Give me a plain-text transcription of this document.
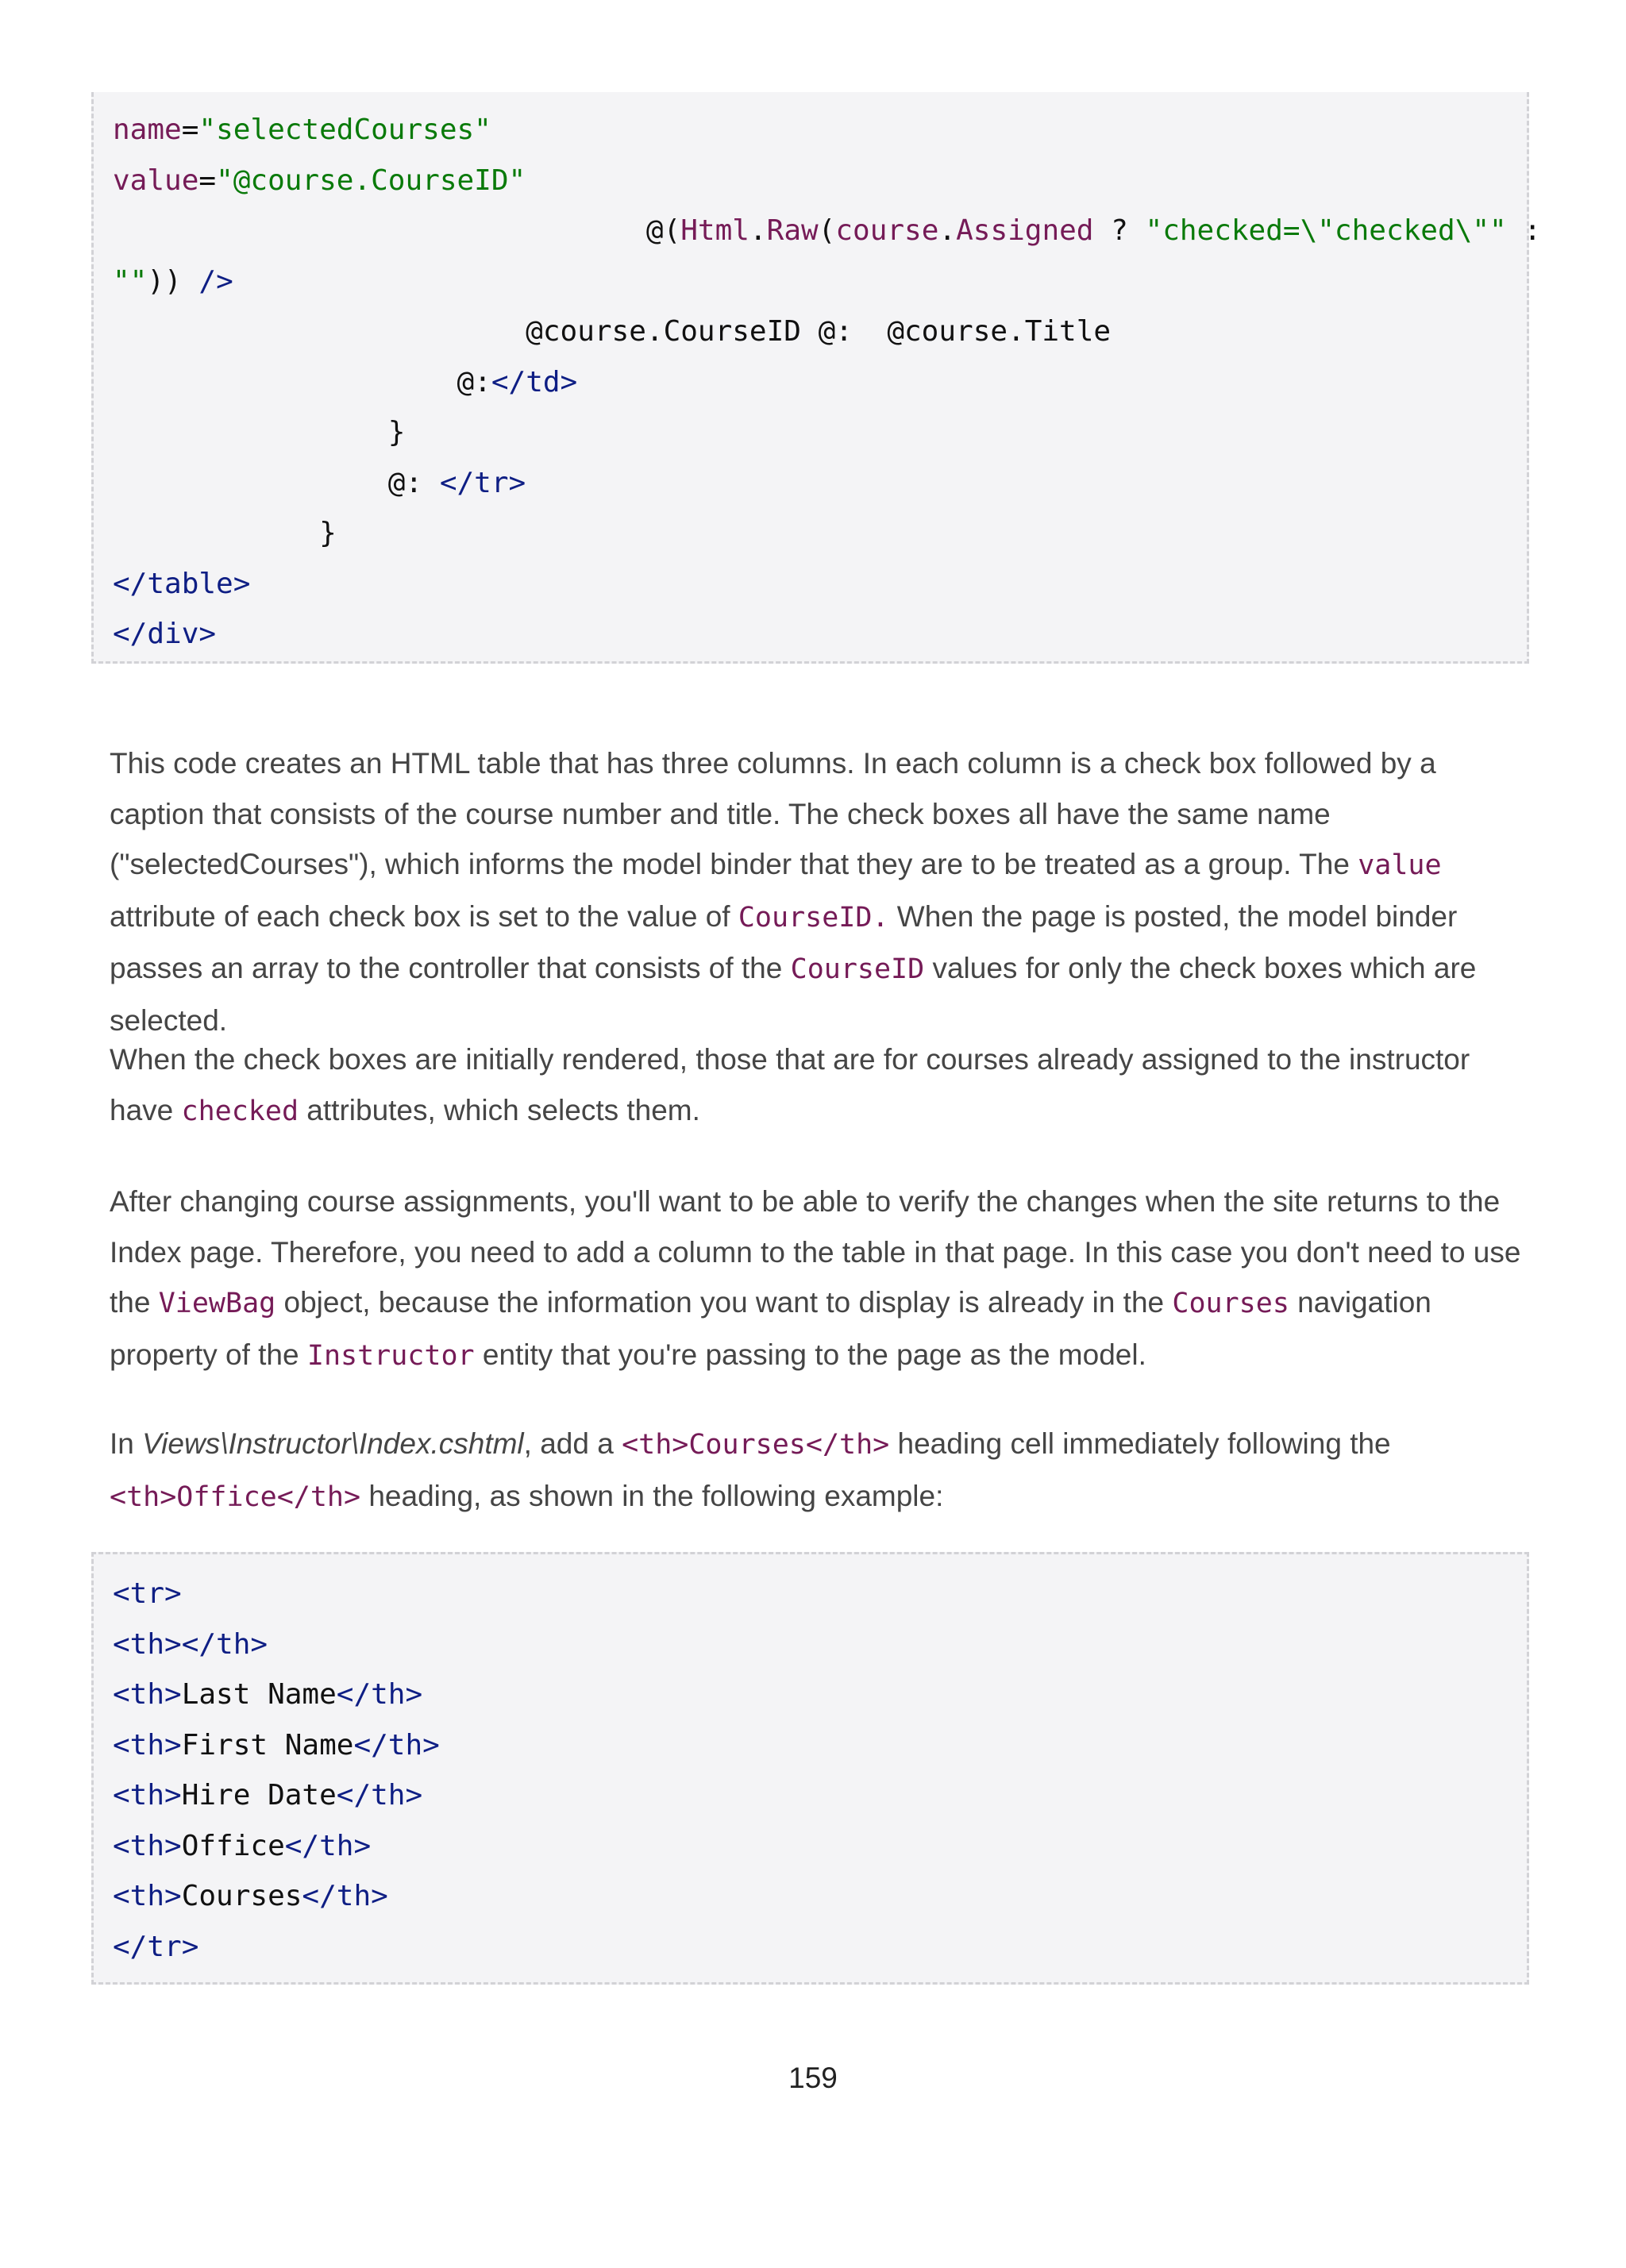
name="selectedCourses"
value="@course.CourseID"
@(Html.Raw(course.Assigned ? "checked=\"checked\"" :
"")) />
@course.CourseID @:  @course.Title
@:</td>
}
@: </tr>
}
</table>
</div>

This code creates an HTML table that has three columns. In each column is a check box followed by a caption that consists of the course number and title. The check boxes all have the same name ("selectedCourses"), which informs the model binder that they are to be treated as a group. The value attribute of each check box is set to the value of CourseID. When the page is posted, the model binder passes an array to the controller that consists of the CourseID values for only the check boxes which are selected.

When the check boxes are initially rendered, those that are for courses already assigned to the instructor have checked attributes, which selects them.

After changing course assignments, you'll want to be able to verify the changes when the site returns to the Index page. Therefore, you need to add a column to the table in that page. In this case you don't need to use the ViewBag object, because the information you want to display is already in the Courses navigation property of the Instructor entity that you're passing to the page as the model.

In Views\Instructor\Index.cshtml, add a <th>Courses</th> heading cell immediately following the <th>Office</th> heading, as shown in the following example:

<tr>
<th></th>
<th>Last Name</th>
<th>First Name</th>
<th>Hire Date</th>
<th>Office</th>
<th>Courses</th>
</tr>
159
